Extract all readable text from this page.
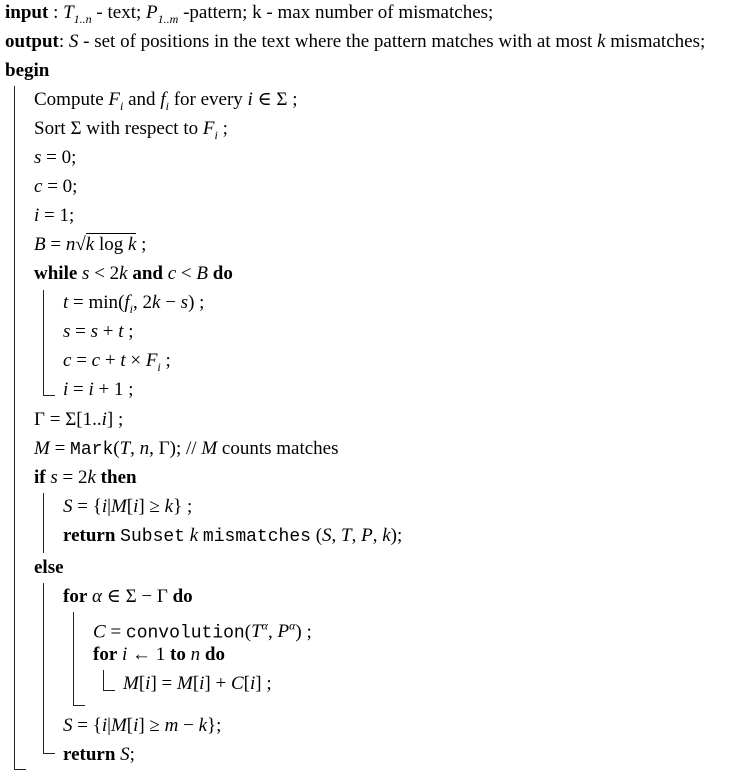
input : $T_{1..n}$ - text; $P_{1..m}$ -pattern; k - max number of mismatches;
output: S - set of positions in the text where the pattern matches with at most k mismatches;
begin
Compute $F_i$ and $f_i$ for every i ∈ Σ ;
Sort Σ with respect to $F_i$ ;
s = 0;
c = 0;
i = 1;
B = n√k log k ;
while s < 2k and c < B do
$t = \min(f_i$, 2k − s) ;
s = s + t ;
$c = c + t \times F_i$ ;
i = i + 1 ;
Γ = Σ[1..i] ;
M = Mark(T, n, Γ); // M counts matches
if s = 2k then
S = {i|M[i] ≥ k} ;
return Subset k mismatches (S, T, P, k);
else
for α ∈ Σ − Γ do
$C = convolution(T^\alpha$, $P^\alpha$) ;
for i ← 1 to n do
M[i] = M[i] + C[i] ;
S = {i|M[i] ≥ m − k};
return S;
